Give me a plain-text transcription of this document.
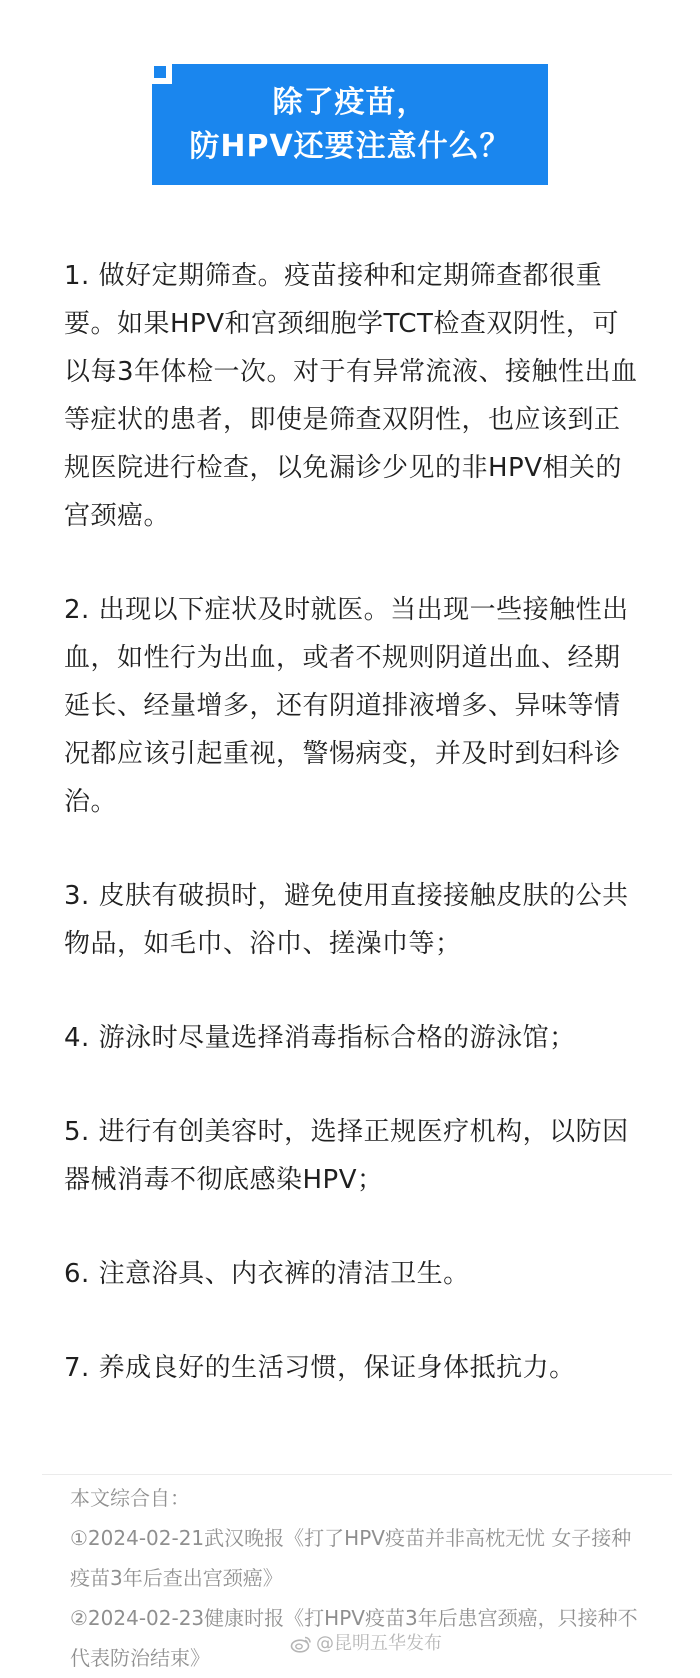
除了疫苗，
防HPV还要注意什么？

1. 做好定期筛查。疫苗接种和定期筛查都很重要。如果HPV和宫颈细胞学TCT检查双阴性，可以每3年体检一次。对于有异常流液、接触性出血等症状的患者，即使是筛查双阴性，也应该到正规医院进行检查，以免漏诊少见的非HPV相关的宫颈癌。

2. 出现以下症状及时就医。当出现一些接触性出血，如性行为出血，或者不规则阴道出血、经期延长、经量增多，还有阴道排液增多、异味等情况都应该引起重视，警惕病变，并及时到妇科诊治。

3. 皮肤有破损时，避免使用直接接触皮肤的公共物品，如毛巾、浴巾、搓澡巾等；

4. 游泳时尽量选择消毒指标合格的游泳馆；

5. 进行有创美容时，选择正规医疗机构，以防因器械消毒不彻底感染HPV；

6. 注意浴具、内衣裤的清洁卫生。

7. 养成良好的生活习惯，保证身体抵抗力。

本文综合自：

①2024-02-21武汉晚报《打了HPV疫苗并非高枕无忧 女子接种疫苗3年后查出宫颈癌》

②2024-02-23健康时报《打HPV疫苗3年后患宫颈癌，只接种不代表防治结束》

@昆明五华发布
